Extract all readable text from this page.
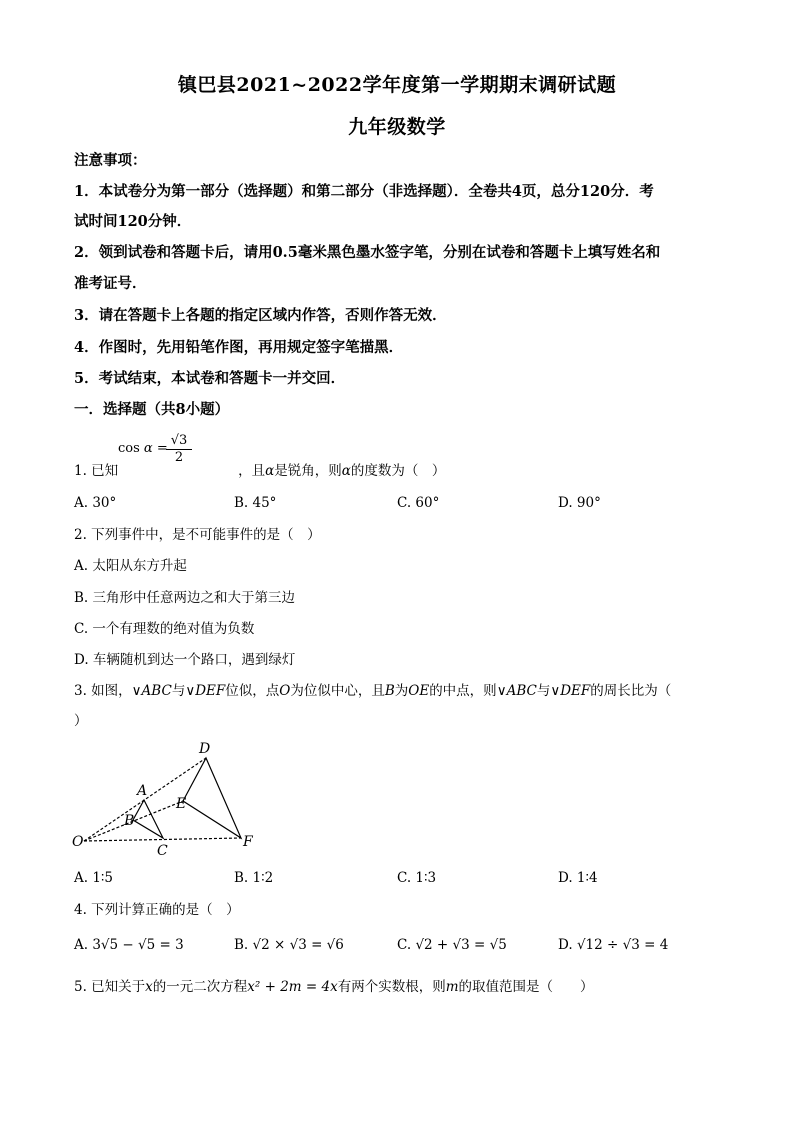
镇巴县2021~2022学年度第一学期期末调研试题
九年级数学
注意事项：
1．本试卷分为第一部分（选择题）和第二部分（非选择题）．全卷共4页，总分120分．考
试时间120分钟．
2．领到试卷和答题卡后，请用0.5毫米黑色墨水签字笔，分别在试卷和答题卡上填写姓名和
准考证号．
3．请在答题卡上各题的指定区域内作答，否则作答无效．
4．作图时，先用铅笔作图，再用规定签字笔描黑．
5．考试结束，本试卷和答题卡一并交回．
一．选择题（共8小题）
cos α =
√3
2
1. 已知	，且α是锐角，则α的度数为（　）
A. 30°	B. 45°	C. 60°	D. 90°
2. 下列事件中，是不可能事件的是（　）
A. 太阳从东方升起
B. 三角形中任意两边之和大于第三边
C. 一个有理数的绝对值为负数
D. 车辆随机到达一个路口，遇到绿灯
3. 如图，∨ABC与∨DEF位似，点O为位似中心，且B为OE的中点，则∨ABC与∨DEF的周长比为（
）
D
A
E
B
O
C
F
A. 1∶5	B. 1∶2	C. 1∶3	D. 1∶4
4. 下列计算正确的是（　）
A. 3√5 − √5 = 3	B. √2 × √3 = √6	C. √2 + √3 = √5	D. √12 ÷ √3 = 4
5. 已知关于x的一元二次方程x² + 2m = 4x有两个实数根，则m的取值范围是（　　）
